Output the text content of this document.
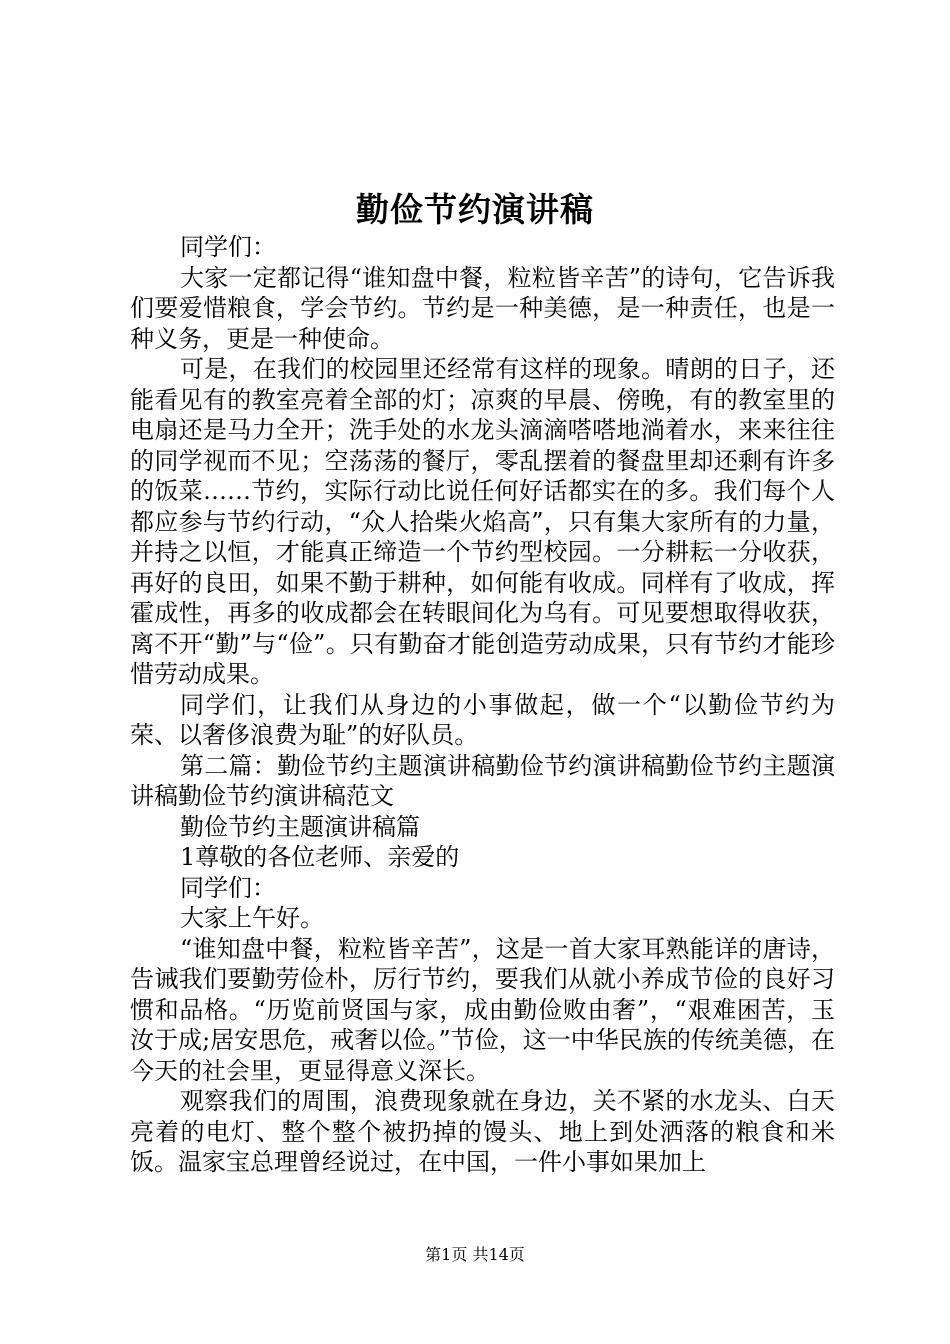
勤俭节约演讲稿

同学们：

大家一定都记得“谁知盘中餐，粒粒皆辛苦”的诗句，它告诉我们要爱惜粮食，学会节约。节约是一种美德，是一种责任，也是一种义务，更是一种使命。

可是，在我们的校园里还经常有这样的现象。晴朗的日子，还能看见有的教室亮着全部的灯；凉爽的早晨、傍晚，有的教室里的电扇还是马力全开；洗手处的水龙头滴滴嗒嗒地淌着水，来来往往的同学视而不见；空荡荡的餐厅，零乱摆着的餐盘里却还剩有许多的饭菜……节约，实际行动比说任何好话都实在的多。我们每个人都应参与节约行动，“众人拾柴火焰高”，只有集大家所有的力量，并持之以恒，才能真正缔造一个节约型校园。一分耕耘一分收获，再好的良田，如果不勤于耕种，如何能有收成。同样有了收成，挥霍成性，再多的收成都会在转眼间化为乌有。可见要想取得收获，离不开“勤”与“俭”。只有勤奋才能创造劳动成果，只有节约才能珍惜劳动成果。

同学们，让我们从身边的小事做起，做一个“以勤俭节约为荣、以奢侈浪费为耻”的好队员。

第二篇：勤俭节约主题演讲稿勤俭节约演讲稿勤俭节约主题演讲稿勤俭节约演讲稿范文

勤俭节约主题演讲稿篇

1尊敬的各位老师、亲爱的

同学们：

大家上午好。

“谁知盘中餐，粒粒皆辛苦”，这是一首大家耳熟能详的唐诗，告诫我们要勤劳俭朴，厉行节约，要我们从就小养成节俭的良好习惯和品格。“历览前贤国与家，成由勤俭败由奢”，“艰难困苦，玉汝于成;居安思危，戒奢以俭。”节俭，这一中华民族的传统美德，在今天的社会里，更显得意义深长。

观察我们的周围，浪费现象就在身边，关不紧的水龙头、白天亮着的电灯、整个整个被扔掉的馒头、地上到处洒落的粮食和米饭。温家宝总理曾经说过，在中国，一件小事如果加上

第1页 共14页
